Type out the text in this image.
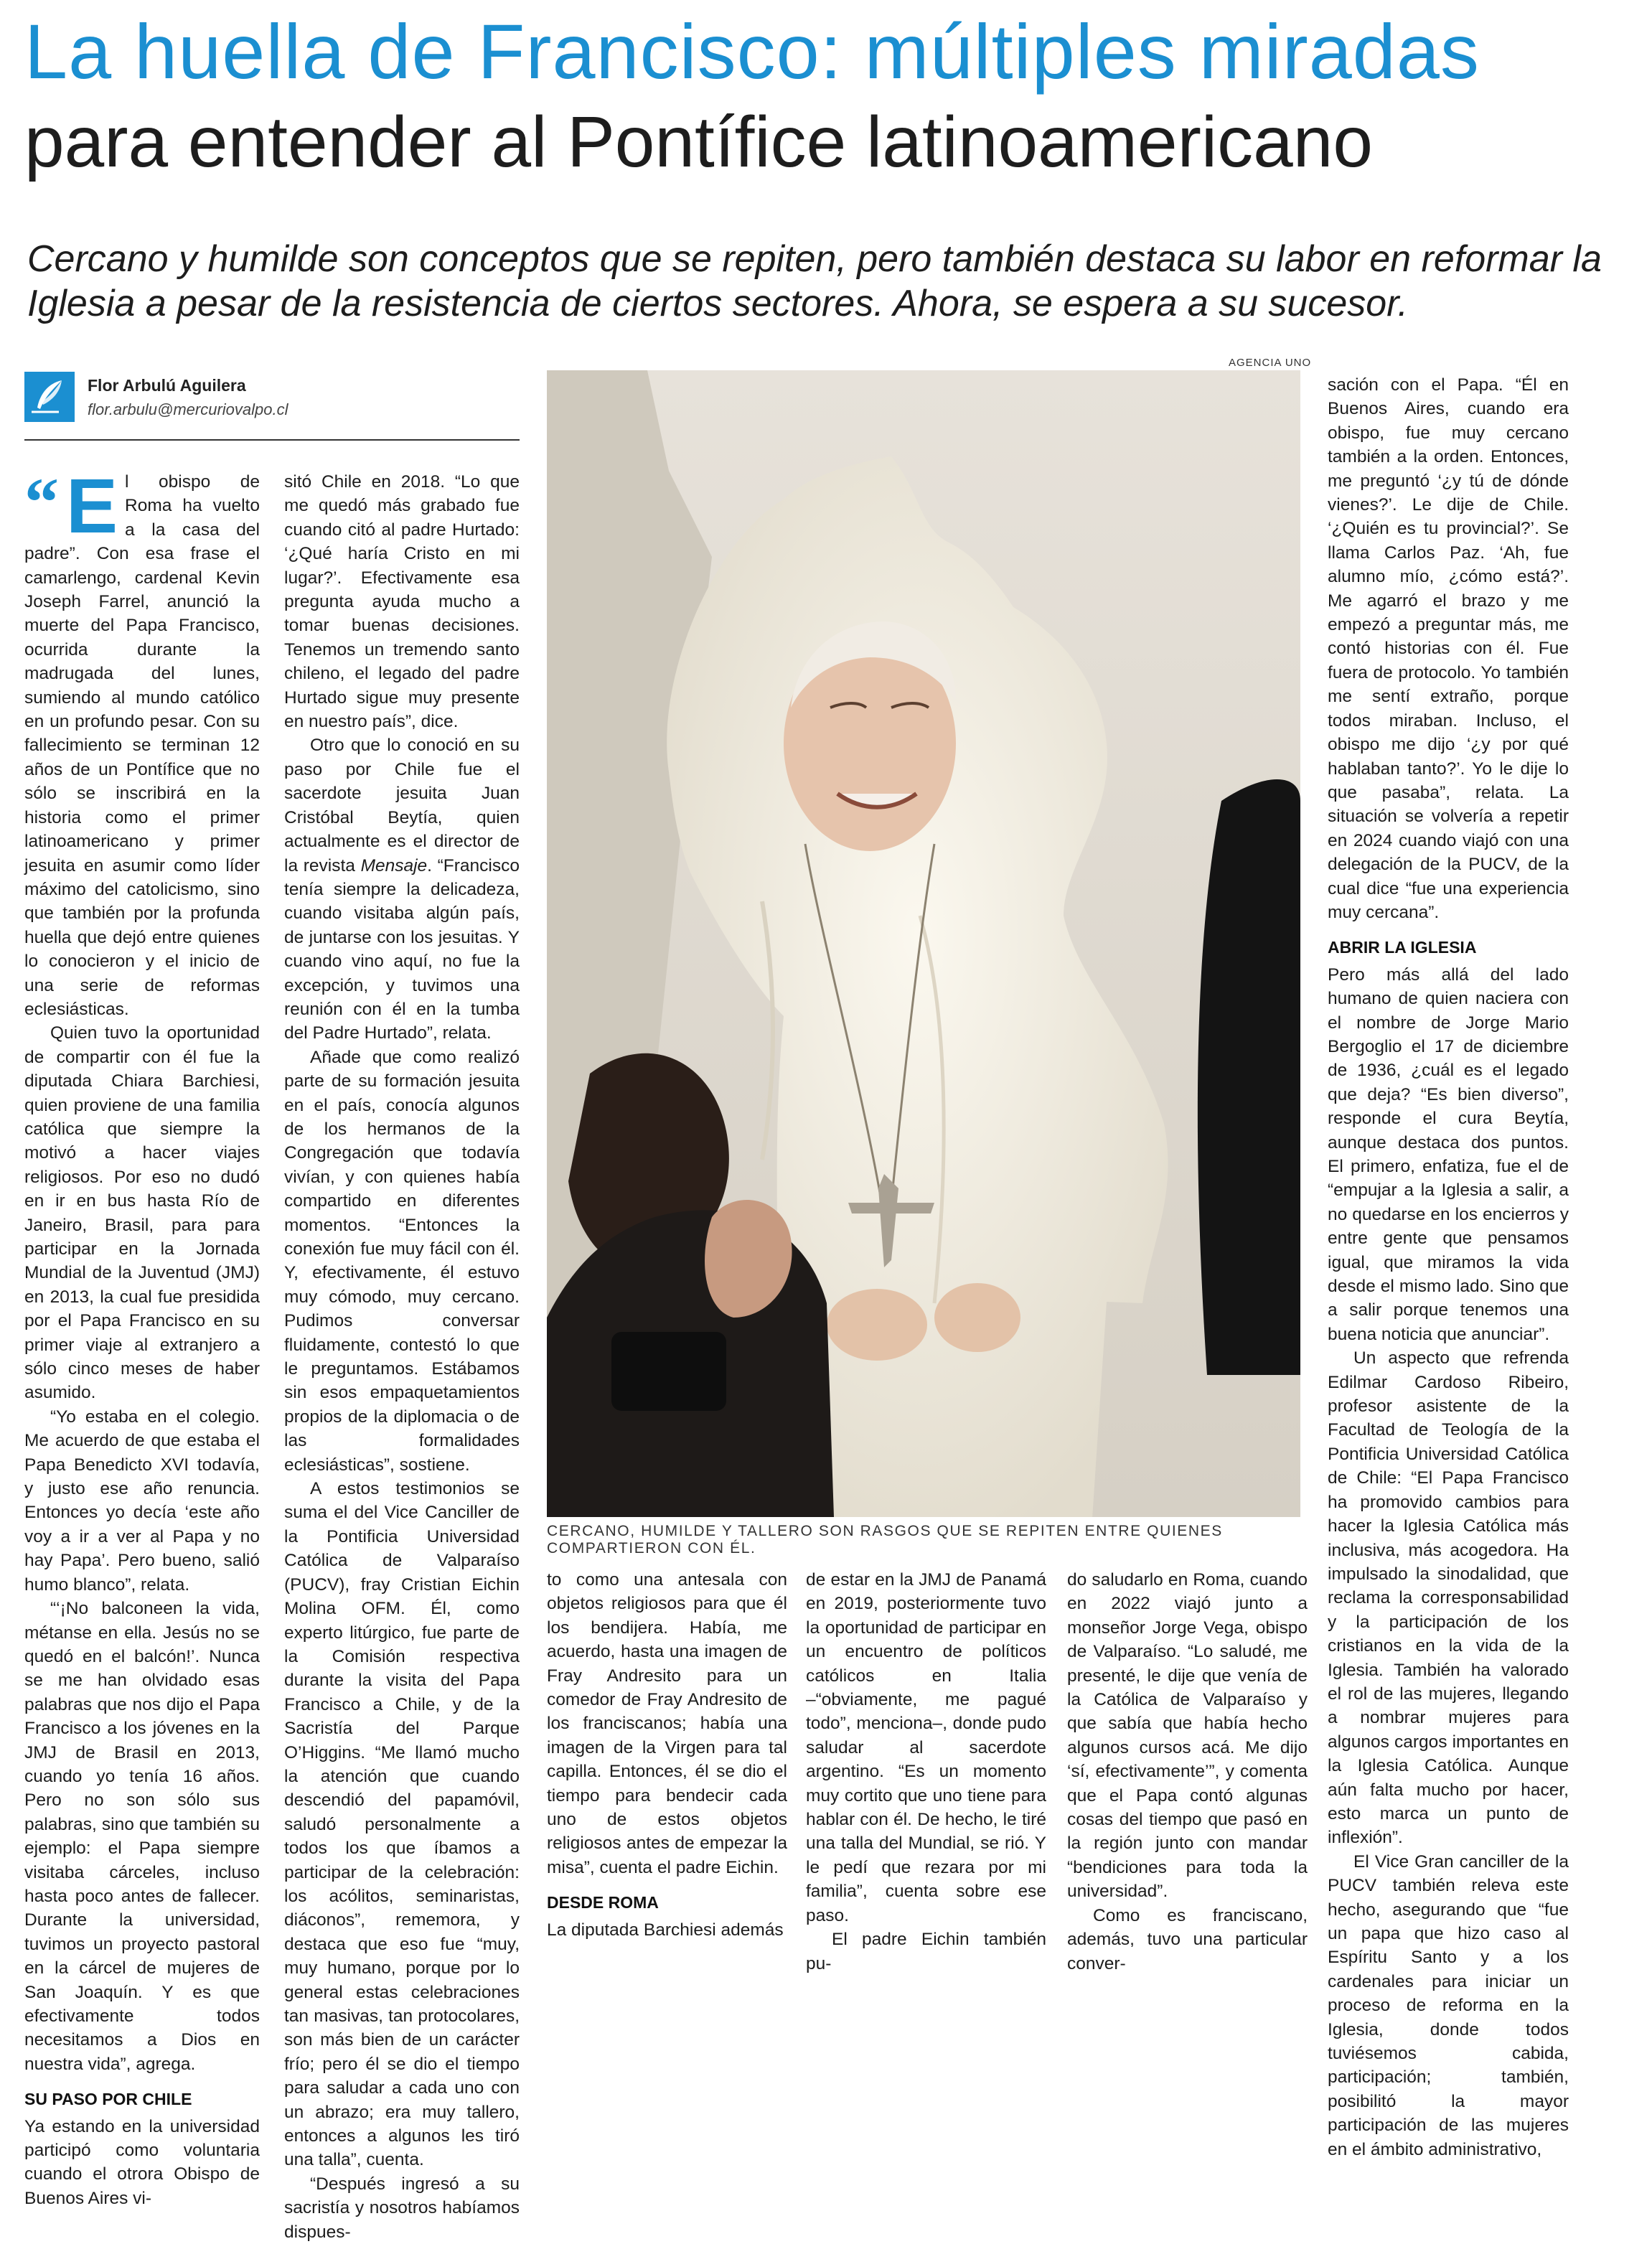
La huella de Francisco: múltiples miradas
para entender al Pontífice latinoamericano

Cercano y humilde son conceptos que se repiten, pero también destaca su labor en reformar la Iglesia a pesar de la resistencia de ciertos sectores. Ahora, se espera a su sucesor.

Flor Arbulú Aguilera
flor.arbulu@mercuriovalpo.cl

“ E l obispo de Roma ha vuelto a la casa del padre”. Con esa frase el camarlengo, cardenal Kevin Joseph Farrel, anunció la muerte del Papa Francisco, ocurrida durante la madrugada del lunes, sumiendo al mundo católico en un profundo pesar. Con su fallecimiento se terminan 12 años de un Pontífice que no sólo se inscribirá en la historia como el primer latinoamericano y primer jesuita en asumir como líder máximo del catolicismo, sino que también por la profunda huella que dejó entre quienes lo conocieron y el inicio de una serie de reformas eclesiásticas.

Quien tuvo la oportunidad de compartir con él fue la diputada Chiara Barchiesi, quien proviene de una familia católica que siempre la motivó a hacer viajes religiosos. Por eso no dudó en ir en bus hasta Río de Janeiro, Brasil, para para participar en la Jornada Mundial de la Juventud (JMJ) en 2013, la cual fue presidida por el Papa Francisco en su primer viaje al extranjero a sólo cinco meses de haber asumido.

“Yo estaba en el colegio. Me acuerdo de que estaba el Papa Benedicto XVI todavía, y justo ese año renuncia. Entonces yo decía ‘este año voy a ir a ver al Papa y no hay Papa’. Pero bueno, salió humo blanco”, relata.

“‘¡No balconeen la vida, métanse en ella. Jesús no se quedó en el balcón!’. Nunca se me han olvidado esas palabras que nos dijo el Papa Francisco a los jóvenes en la JMJ de Brasil en 2013, cuando yo tenía 16 años. Pero no son sólo sus palabras, sino que también su ejemplo: el Papa siempre visitaba cárceles, incluso hasta poco antes de fallecer. Durante la universidad, tuvimos un proyecto pastoral en la cárcel de mujeres de San Joaquín. Y es que efectivamente todos necesitamos a Dios en nuestra vida”, agrega.

SU PASO POR CHILE

Ya estando en la universidad participó como voluntaria cuando el otrora Obispo de Buenos Aires vi-

sitó Chile en 2018. “Lo que me quedó más grabado fue cuando citó al padre Hurtado: ‘¿Qué haría Cristo en mi lugar?’. Efectivamente esa pregunta ayuda mucho a tomar buenas decisiones. Tenemos un tremendo santo chileno, el legado del padre Hurtado sigue muy presente en nuestro país”, dice.

Otro que lo conoció en su paso por Chile fue el sacerdote jesuita Juan Cristóbal Beytía, quien actualmente es el director de la revista Mensaje. “Francisco tenía siempre la delicadeza, cuando visitaba algún país, de juntarse con los jesuitas. Y cuando vino aquí, no fue la excepción, y tuvimos una reunión con él en la tumba del Padre Hurtado”, relata.

Añade que como realizó parte de su formación jesuita en el país, conocía algunos de los hermanos de la Congregación que todavía vivían, y con quienes había compartido en diferentes momentos. “Entonces la conexión fue muy fácil con él. Y, efectivamente, él estuvo muy cómodo, muy cercano. Pudimos conversar fluidamente, contestó lo que le preguntamos. Estábamos sin esos empaquetamientos propios de la diplomacia o de las formalidades eclesiásticas”, sostiene.

A estos testimonios se suma el del Vice Canciller de la Pontificia Universidad Católica de Valparaíso (PUCV), fray Cristian Eichin Molina OFM. Él, como experto litúrgico, fue parte de la Comisión respectiva durante la visita del Papa Francisco a Chile, y de la Sacristía del Parque O’Higgins. “Me llamó mucho la atención que cuando descendió del papamóvil, saludó personalmente a todos los que íbamos a participar de la celebración: los acólitos, seminaristas, diáconos”, rememora, y destaca que eso fue “muy, muy humano, porque por lo general estas celebraciones tan masivas, tan protocolares, son más bien de un carácter frío; pero él se dio el tiempo para saludar a cada uno con un abrazo; era muy tallero, entonces a algunos les tiró una talla”, cuenta.

“Después ingresó a su sacristía y nosotros habíamos dispues-

AGENCIA UNO
CERCANO, HUMILDE Y TALLERO SON RASGOS QUE SE REPITEN ENTRE QUIENES COMPARTIERON CON ÉL.

to como una antesala con objetos religiosos para que él los bendijera. Había, me acuerdo, hasta una imagen de Fray Andresito para un comedor de Fray Andresito de los franciscanos; había una imagen de la Virgen para tal capilla. Entonces, él se dio el tiempo para bendecir cada uno de estos objetos religiosos antes de empezar la misa”, cuenta el padre Eichin.

DESDE ROMA

La diputada Barchiesi además

de estar en la JMJ de Panamá en 2019, posteriormente tuvo la oportunidad de participar en un encuentro de políticos católicos en Italia –“obviamente, me pagué todo”, menciona–, donde pudo saludar al sacerdote argentino. “Es un momento muy cortito que uno tiene para hablar con él. De hecho, le tiré una talla del Mundial, se rió. Y le pedí que rezara por mi familia”, cuenta sobre ese paso.

El padre Eichin también pu-

do saludarlo en Roma, cuando en 2022 viajó junto a monseñor Jorge Vega, obispo de Valparaíso. “Lo saludé, me presenté, le dije que venía de la Católica de Valparaíso y que sabía que había hecho algunos cursos acá. Me dijo ‘sí, efectivamente’”, y comenta que el Papa contó algunas cosas del tiempo que pasó en la región junto con mandar “bendiciones para toda la universidad”.

Como es franciscano, además, tuvo una particular conver-

sación con el Papa. “Él en Buenos Aires, cuando era obispo, fue muy cercano también a la orden. Entonces, me preguntó ‘¿y tú de dónde vienes?’. Le dije de Chile. ‘¿Quién es tu provincial?’. Se llama Carlos Paz. ‘Ah, fue alumno mío, ¿cómo está?’. Me agarró el brazo y me empezó a preguntar más, me contó historias con él. Fue fuera de protocolo. Yo también me sentí extraño, porque todos miraban. Incluso, el obispo me dijo ‘¿y por qué hablaban tanto?’. Yo le dije lo que pasaba”, relata. La situación se volvería a repetir en 2024 cuando viajó con una delegación de la PUCV, de la cual dice “fue una experiencia muy cercana”.

ABRIR LA IGLESIA

Pero más allá del lado humano de quien naciera con el nombre de Jorge Mario Bergoglio el 17 de diciembre de 1936, ¿cuál es el legado que deja? “Es bien diverso”, responde el cura Beytía, aunque destaca dos puntos. El primero, enfatiza, fue el de “empujar a la Iglesia a salir, a no quedarse en los encierros y entre gente que pensamos igual, que miramos la vida desde el mismo lado. Sino que a salir porque tenemos una buena noticia que anunciar”.

Un aspecto que refrenda Edilmar Cardoso Ribeiro, profesor asistente de la Facultad de Teología de la Pontificia Universidad Católica de Chile: “El Papa Francisco ha promovido cambios para hacer la Iglesia Católica más inclusiva, más acogedora. Ha impulsado la sinodalidad, que reclama la corresponsabilidad y la participación de los cristianos en la vida de la Iglesia. También ha valorado el rol de las mujeres, llegando a nombrar mujeres para algunos cargos importantes en la Iglesia Católica. Aunque aún falta mucho por hacer, esto marca un punto de inflexión”.

El Vice Gran canciller de la PUCV también releva este hecho, asegurando que “fue un papa que hizo caso al Espíritu Santo y a los cardenales para iniciar un proceso de reforma en la Iglesia, donde todos tuviésemos cabida, participación; también, posibilitó la mayor participación de las mujeres en el ámbito administrativo,
